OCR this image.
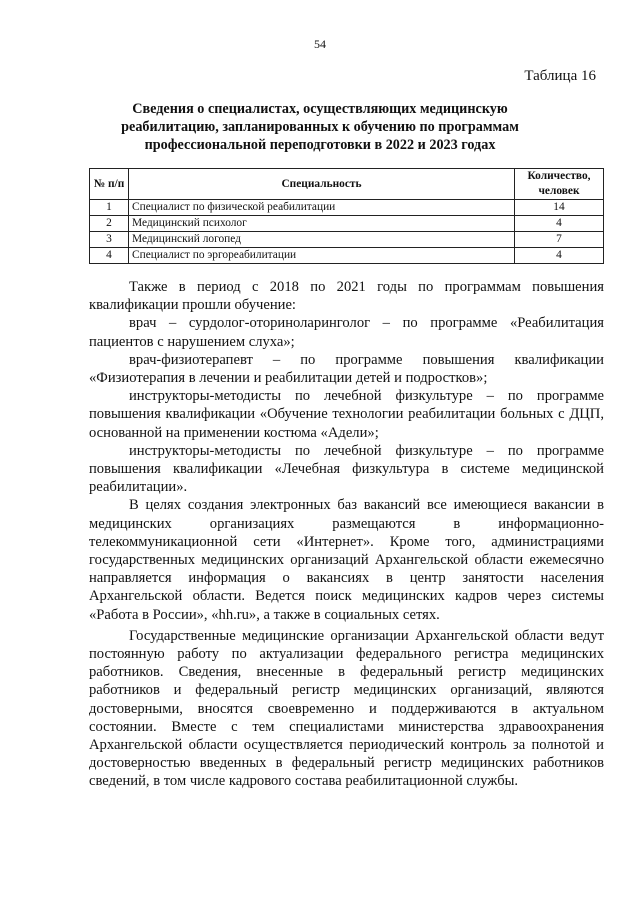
54
Таблица 16
Сведения о специалистах, осуществляющих медицинскую
реабилитацию, запланированных к обучению по программам
профессиональной переподготовки в 2022 и 2023 годах
№ п/п	Специальность	Количество, человек
1	Специалист по физической реабилитации	14
2	Медицинский психолог	4
3	Медицинский логопед	7
4	Специалист по эргореабилитации	4

Также в период с 2018 по 2021 годы по программам повышения квалификации прошли обучение:

врач – сурдолог-оториноларинголог – по программе «Реабилитация пациентов с нарушением слуха»;

врач-физиотерапевт – по программе повышения квалификации «Физиотерапия в лечении и реабилитации детей и подростков»;

инструкторы-методисты по лечебной физкультуре – по программе повышения квалификации «Обучение технологии реабилитации больных с ДЦП, основанной на применении костюма «Адели»;

инструкторы-методисты по лечебной физкультуре – по программе повышения квалификации «Лечебная физкультура в системе медицинской реабилитации».

В целях создания электронных баз вакансий все имеющиеся вакансии в медицинских организациях размещаются в информационно-телекоммуникационной сети «Интернет». Кроме того, администрациями государственных медицинских организаций Архангельской области ежемесячно направляется информация о вакансиях в центр занятости населения Архангельской области. Ведется поиск медицинских кадров через системы «Работа в России», «hh.ru», а также в социальных сетях.

Государственные медицинские организации Архангельской области ведут постоянную работу по актуализации федерального регистра медицинских работников. Сведения, внесенные в федеральный регистр медицинских работников и федеральный регистр медицинских организаций, являются достоверными, вносятся своевременно и поддерживаются в актуальном состоянии. Вместе с тем специалистами министерства здравоохранения Архангельской области осуществляется периодический контроль за полнотой и достоверностью введенных в федеральный регистр медицинских работников сведений, в том числе кадрового состава реабилитационной службы.
